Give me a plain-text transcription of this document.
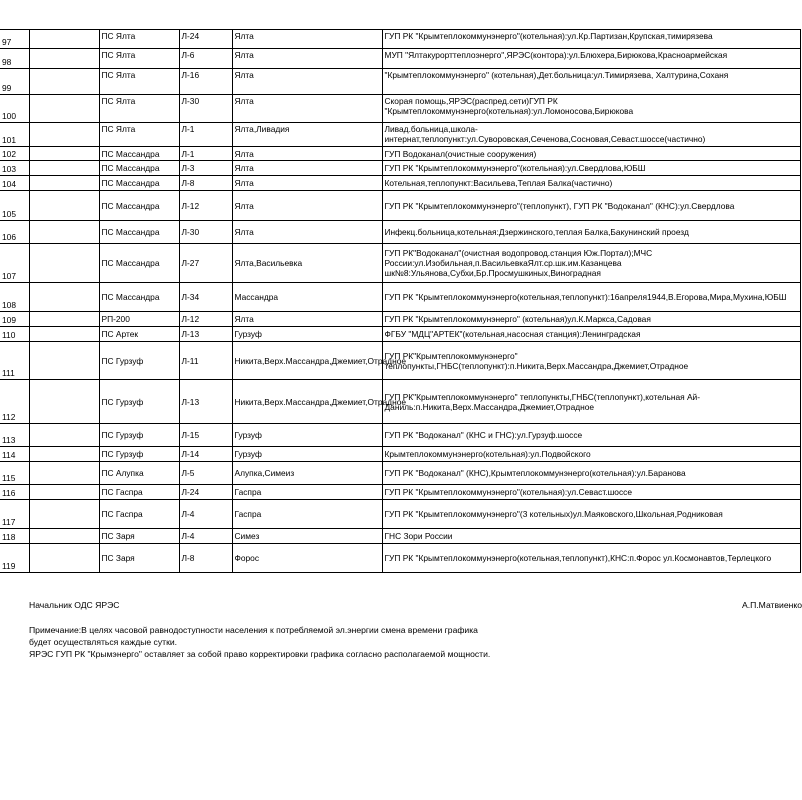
97		ПС Ялта	Л-24	Ялта	ГУП РК "Крымтеплокоммунэнерго"(котельная):ул.Кр.Партизан,Крупская,тимирязева
98		ПС Ялта	Л-6	Ялта	МУП "Ялтакурорттеплоэнерго",ЯРЭС(контора):ул.Блюхера,Бирюкова,Красноармейская
99		ПС Ялта	Л-16	Ялта	"Крымтеплокоммунэнерго" (котельная),Дет.больница:ул.Тимирязева, Халтурина,Соханя
100		ПС Ялта	Л-30	Ялта	Скорая помощь,ЯРЭС(распред.сети)ГУП РК "Крымтеплокоммунэнерго(котельная):ул.Ломоносова,Бирюкова
101		ПС Ялта	Л-1	Ялта,Ливадия	Ливад.больница,школа-интернат,теплопункт:ул.Суворовская,Сеченова,Сосновая,Севаст.шоссе(частично)
102		ПС Массандра	Л-1	Ялта	ГУП Водоканал(очистные сооружения)
103		ПС Массандра	Л-3	Ялта	ГУП РК "Крымтеплокоммунэнерго"(котельная):ул.Свердлова,ЮБШ
104		ПС Массандра	Л-8	Ялта	Котельная,теплопункт:Васильева,Теплая Балка(частично)
105		ПС Массандра	Л-12	Ялта	ГУП РК "Крымтеплокоммунэнерго"(теплопункт), ГУП РК "Водоканал" (КНС):ул.Свердлова
106		ПС Массандра	Л-30	Ялта	Инфекц.больница,котельная:Дзержинского,теплая Балка,Бакунинский проезд
107		ПС Массандра	Л-27	Ялта,Васильевка	ГУП РК"Водоканал"(очистная водопровод.станция Юж.Портал);МЧС России:ул.Изобильная,п.ВасильевкаЯлт.ср.шк.им.Казанцева шк№8:Ульянова,Субхи,Бр.Просмушкиных,Виноградная
108		ПС Массандра	Л-34	Массандра	ГУП РК "Крымтеплокоммунэнерго(котельная,теплопункт):16апреля1944,В.Егорова,Мира,Мухина,ЮБШ
109		РП-200	Л-12	Ялта	ГУП РК "Крымтеплокоммунэнерго" (котельная)ул.К.Маркса,Садовая
110		ПС Артек	Л-13	Гурзуф	ФГБУ "МДЦ"АРТЕК"(котельная,насосная станция):Ленинградская
111		ПС Гурзуф	Л-11	Никита,Верх.Массандра,Джемиет,Отрадное	ГУП РК"Крымтеплокоммунэнерго" теплопункты,ГНБС(теплопункт):п.Никита,Верх.Массандра,Джемиет,Отрадное
112		ПС Гурзуф	Л-13	Никита,Верх.Массандра,Джемиет,Отрадное	ГУП РК"Крымтеплокоммунэнерго" теплопункты,ГНБС(теплопункт),котельная Ай-Даниль:п.Никита,Верх.Массандра,Джемиет,Отрадное
113		ПС Гурзуф	Л-15	Гурзуф	ГУП РК "Водоканал" (КНС и ГНС):ул.Гурзуф.шоссе
114		ПС Гурзуф	Л-14	Гурзуф	Крымтеплокоммунэнерго(котельная):ул.Подвойского
115		ПС Алупка	Л-5	Алупка,Симеиз	ГУП РК "Водоканал" (КНС),Крымтеплокоммунэнерго(котельная):ул.Баранова
116		ПС Гаспра	Л-24	Гаспра	ГУП РК "Крымтеплокоммунэнерго"(котельная):ул.Севаст.шоссе
117		ПС Гаспра	Л-4	Гаспра	ГУП РК "Крымтеплокоммунэнерго"(3 котельных)ул.Маяковского,Школьная,Родниковая
118		ПС Заря	Л-4	Симез	ГНС Зори России
119		ПС Заря	Л-8	Форос	ГУП РК "Крымтеплокоммунэнерго(котельная,теплопункт),КНС:п.Форос ул.Космонавтов,Терлецкого
Начальник ОДС ЯРЭС	А.П.Матвиенко
Примечание:В целях часовой равнодоступности населения к потребляемой эл.энергии смена времени графика
будет осуществляться каждые сутки.
ЯРЭС ГУП РК "Крымэнерго" оставляет за собой право корректировки графика согласно располагаемой мощности.
